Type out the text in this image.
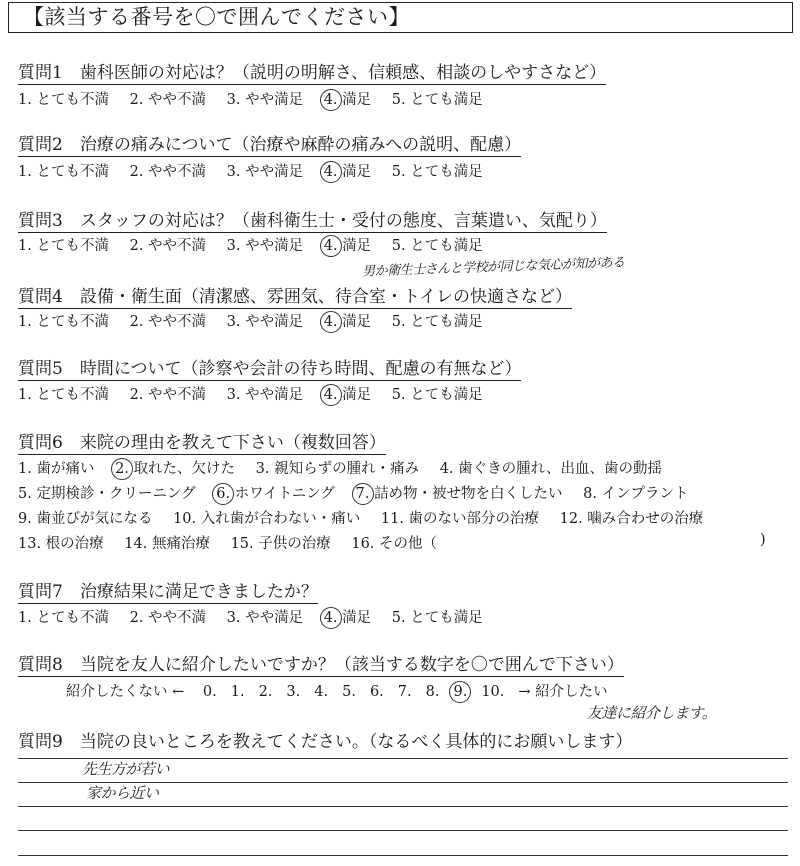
【該当する番号を〇で囲んでください】
質問1　歯科医師の対応は？（説明の明解さ、信頼感、相談のしやすさなど）
1. とても不満 2. やや不満 3. やや満足 4. 満足 5. とても満足
質問2　治療の痛みについて（治療や麻酔の痛みへの説明、配慮）
1. とても不満 2. やや不満 3. やや満足 4. 満足 5. とても満足
質問3　スタッフの対応は？（歯科衛生士・受付の態度、言葉遣い、気配り）
1. とても不満 2. やや不満 3. やや満足 4. 満足 5. とても満足
男か衛生士さんと学校が同じな気心が知がある
質問4　設備・衛生面（清潔感、雰囲気、待合室・トイレの快適さなど）
1. とても不満 2. やや不満 3. やや満足 4. 満足 5. とても満足
質問5　時間について（診察や会計の待ち時間、配慮の有無など）
1. とても不満 2. やや不満 3. やや満足 4. 満足 5. とても満足
質問6　来院の理由を教えて下さい（複数回答）
1. 歯が痛い 2. 取れた、欠けた 3. 親知らずの腫れ・痛み 4. 歯ぐきの腫れ、出血、歯の動揺
5. 定期検診・クリーニング 6. ホワイトニング 7. 詰め物・被せ物を白くしたい 8. インプラント
9. 歯並びが気になる 10. 入れ歯が合わない・痛い 11. 歯のない部分の治療 12. 噛み合わせの治療
13. 根の治療 14. 無痛治療 15. 子供の治療 16. その他（	)
質問7　治療結果に満足できましたか？
1. とても不満 2. やや不満 3. やや満足 4. 満足 5. とても満足
質問8　当院を友人に紹介したいですか？（該当する数字を〇で囲んで下さい）
紹介したくない ← 0. 1. 2. 3. 4. 5. 6. 7. 8. 9. 10. → 紹介したい
友達に紹介します。
質問9　当院の良いところを教えてください。（なるべく具体的にお願いします）
先生方が若い
家から近い
